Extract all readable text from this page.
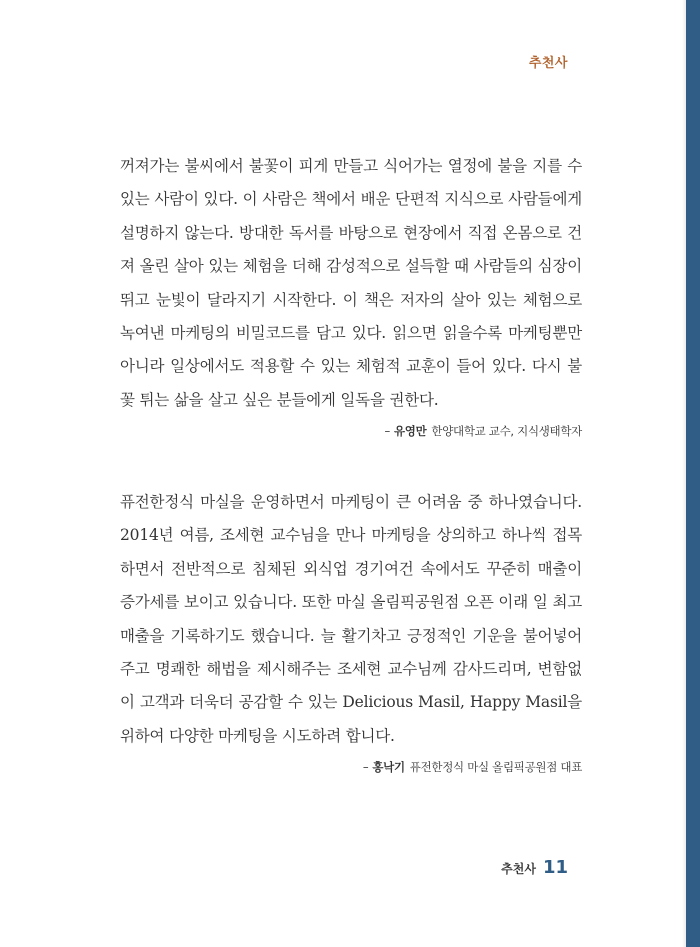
추천사

꺼져가는 불씨에서 불꽃이 피게 만들고 식어가는 열정에 불을 지를 수 있는 사람이 있다. 이 사람은 책에서 배운 단편적 지식으로 사람들에게 설명하지 않는다. 방대한 독서를 바탕으로 현장에서 직접 온몸으로 건져 올린 살아 있는 체험을 더해 감성적으로 설득할 때 사람들의 심장이 뛰고 눈빛이 달라지기 시작한다. 이 책은 저자의 살아 있는 체험으로 녹여낸 마케팅의 비밀코드를 담고 있다. 읽으면 읽을수록 마케팅뿐만 아니라 일상에서도 적용할 수 있는 체험적 교훈이 들어 있다. 다시 불꽃 튀는 삶을 살고 싶은 분들에게 일독을 권한다.

– 유영만 한양대학교 교수, 지식생태학자

퓨전한정식 마실을 운영하면서 마케팅이 큰 어려움 중 하나였습니다. 2014년 여름, 조세현 교수님을 만나 마케팅을 상의하고 하나씩 접목하면서 전반적으로 침체된 외식업 경기여건 속에서도 꾸준히 매출이 증가세를 보이고 있습니다. 또한 마실 올림픽공원점 오픈 이래 일 최고 매출을 기록하기도 했습니다. 늘 활기차고 긍정적인 기운을 불어넣어주고 명쾌한 해법을 제시해주는 조세현 교수님께 감사드리며, 변함없이 고객과 더욱더 공감할 수 있는 Delicious Masil, Happy Masil을 위하여 다양한 마케팅을 시도하려 합니다.

– 홍낙기 퓨전한정식 마실 올림픽공원점 대표
추천사 11
